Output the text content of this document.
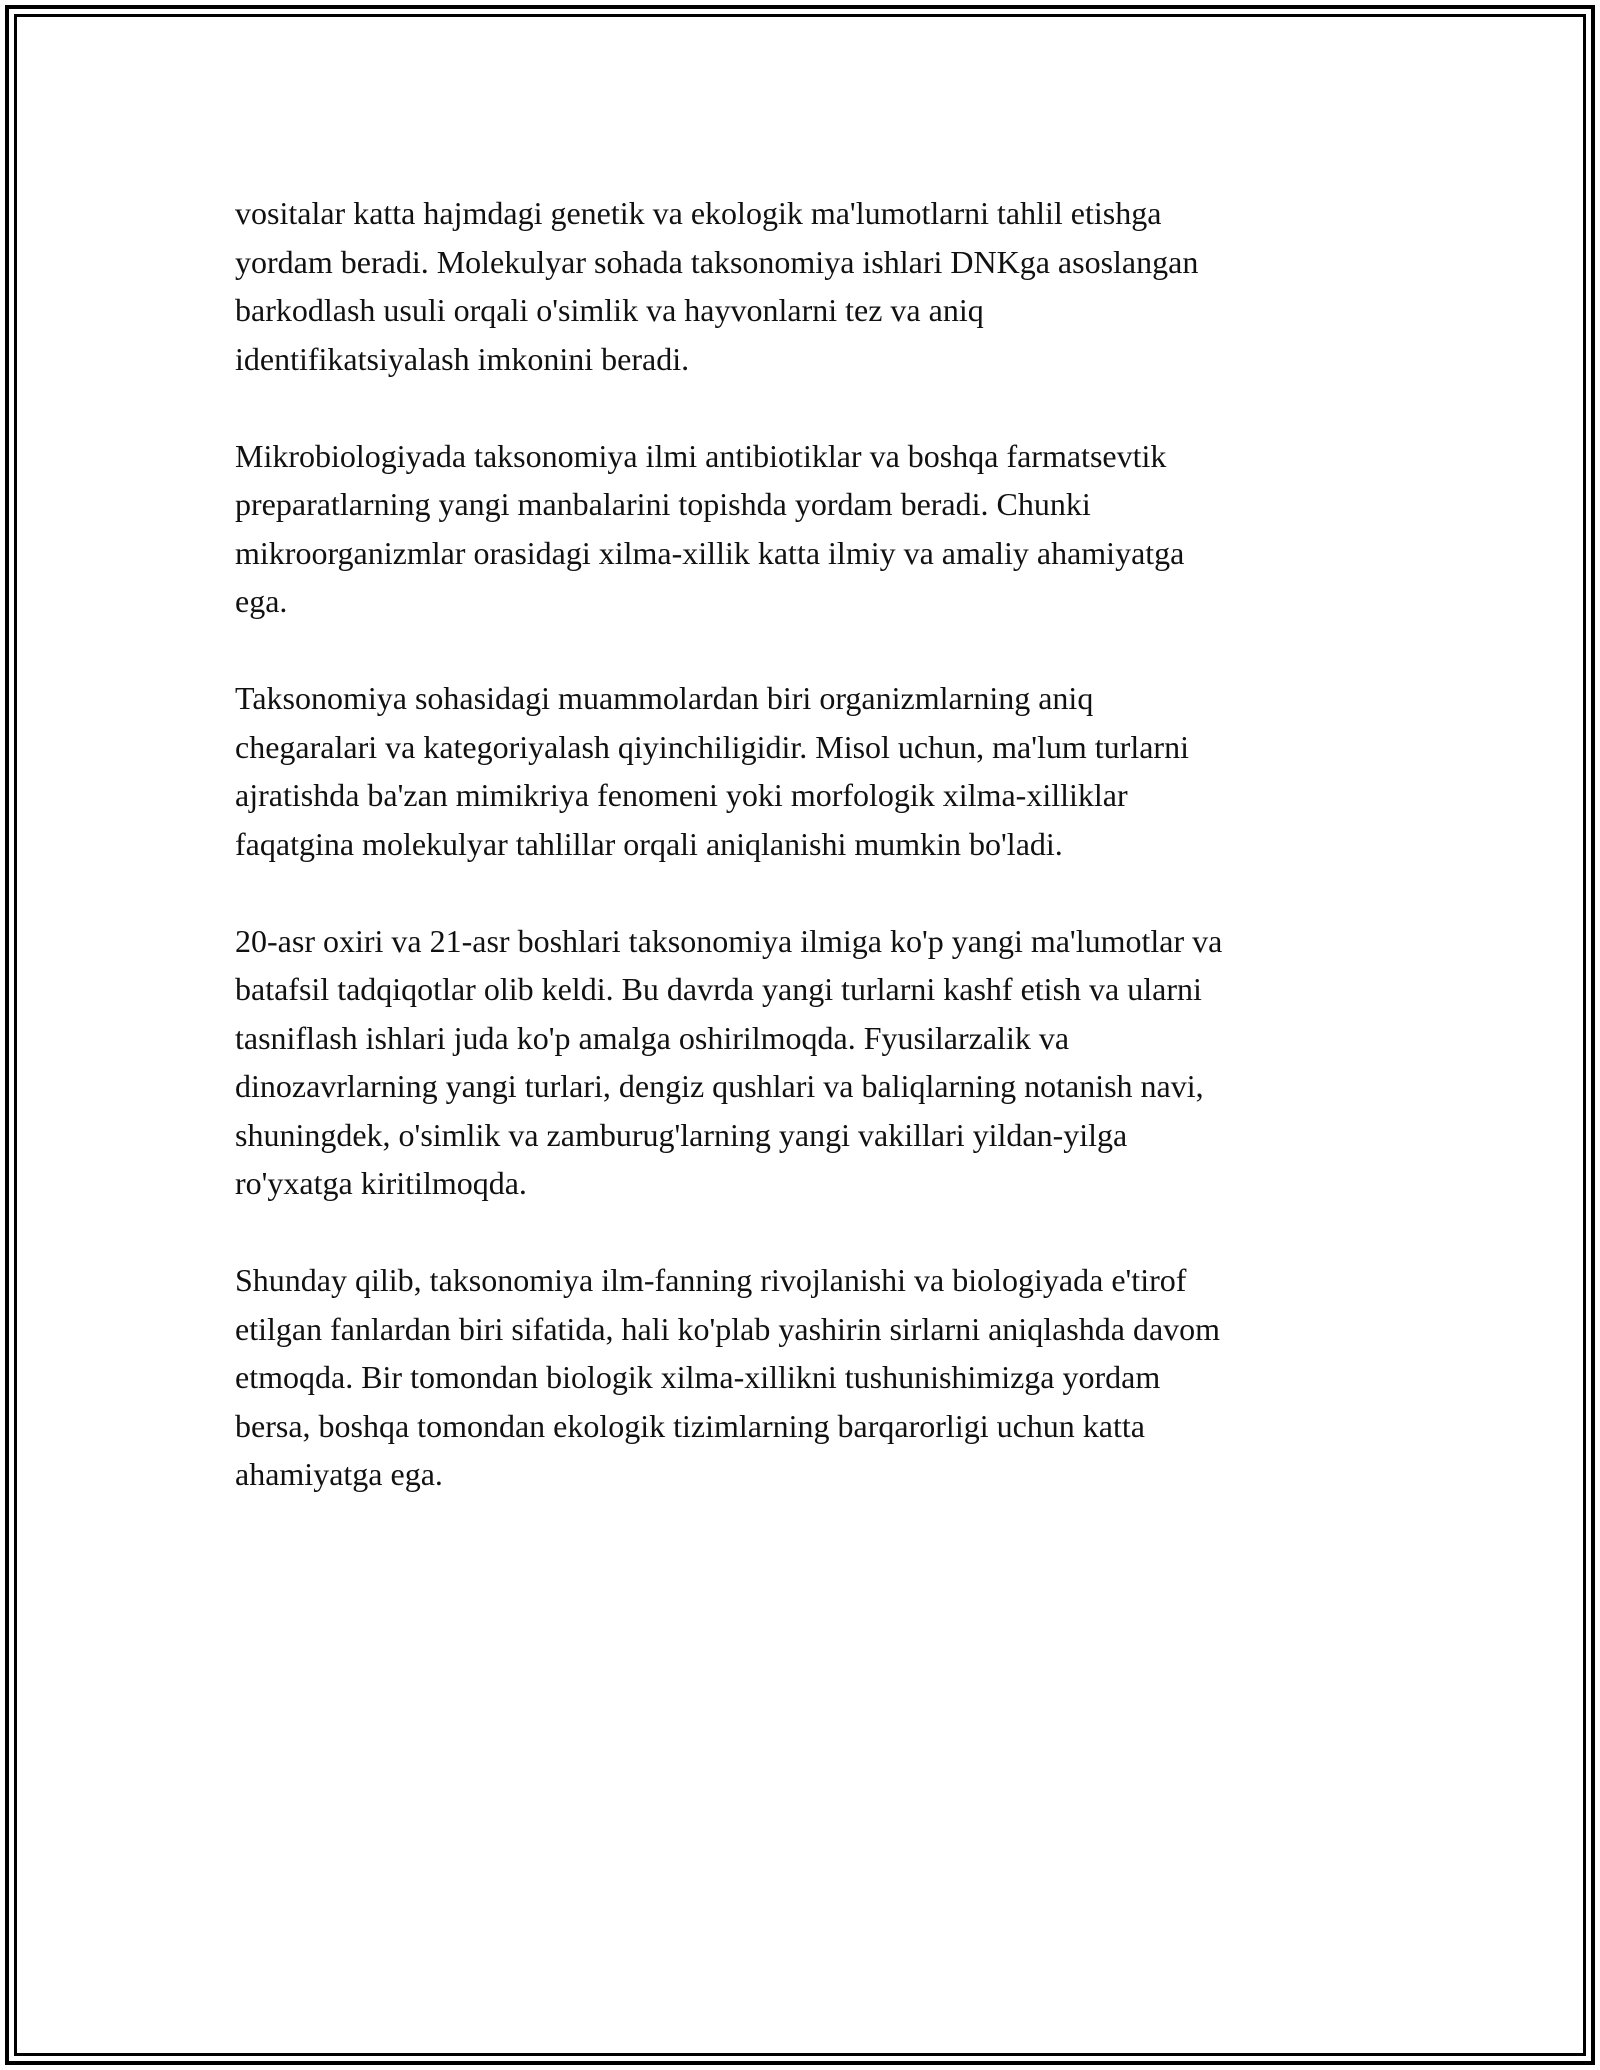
vositalar katta hajmdagi genetik va ekologik ma'lumotlarni tahlil etishga
yordam beradi. Molekulyar sohada taksonomiya ishlari DNKga asoslangan
barkodlash usuli orqali o'simlik va hayvonlarni tez va aniq
identifikatsiyalash imkonini beradi.

Mikrobiologiyada taksonomiya ilmi antibiotiklar va boshqa farmatsevtik
preparatlarning yangi manbalarini topishda yordam beradi. Chunki
mikroorganizmlar orasidagi xilma-xillik katta ilmiy va amaliy ahamiyatga
ega.

Taksonomiya sohasidagi muammolardan biri organizmlarning aniq
chegaralari va kategoriyalash qiyinchiligidir. Misol uchun, ma'lum turlarni
ajratishda ba'zan mimikriya fenomeni yoki morfologik xilma-xilliklar
faqatgina molekulyar tahlillar orqali aniqlanishi mumkin bo'ladi.

20-asr oxiri va 21-asr boshlari taksonomiya ilmiga ko'p yangi ma'lumotlar va
batafsil tadqiqotlar olib keldi. Bu davrda yangi turlarni kashf etish va ularni
tasniflash ishlari juda ko'p amalga oshirilmoqda. Fyusilarzalik va
dinozavrlarning yangi turlari, dengiz qushlari va baliqlarning notanish navi,
shuningdek, o'simlik va zamburug'larning yangi vakillari yildan-yilga
ro'yxatga kiritilmoqda.

Shunday qilib, taksonomiya ilm-fanning rivojlanishi va biologiyada e'tirof
etilgan fanlardan biri sifatida, hali ko'plab yashirin sirlarni aniqlashda davom
etmoqda. Bir tomondan biologik xilma-xillikni tushunishimizga yordam
bersa, boshqa tomondan ekologik tizimlarning barqarorligi uchun katta
ahamiyatga ega.
